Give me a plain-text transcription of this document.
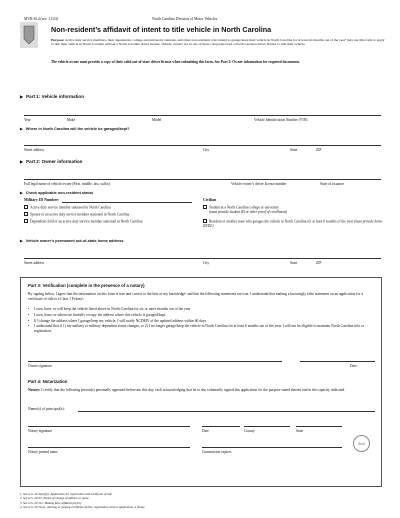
MVR-614 (rev. 11/23)	North Carolina Division of Motor Vehicles
Non-resident’s affidavit of intent to title vehicle in North Carolina
Purpose: Active duty service members, their dependents, college and university students, and other non-residents who intend to garage/keep their vehicle in North Carolina for at least six months out of the year¹ may use this form to apply to title their vehicle in North Carolina without a North Carolina driver license. Vehicle owners not in one of these categories need a North Carolina driver license to title their vehicle.
The vehicle owner must provide a copy of their valid out-of-state driver license when submitting this form. See Part 2: Owner information for required documents.
▶ Part 1: Vehicle information
Year	Make	Model	Vehicle Identification Number (VIN)
▶ Where in North Carolina will the vehicle be garaged/kept?
Street address	City	State	ZIP
▶ Part 2: Owner information
Full legal name of vehicle owner (First, middle, last, suffix)	Vehicle owner’s driver license number	State of issuance
▶ Check applicable non-resident status
Military ID Number:
Active duty service member stationed in North Carolina
Spouse of an active duty service member stationed in North Carolina
Dependent child of an active duty service member stationed in North Carolina
Civilian
Student at a North Carolina college or university
(must provide student ID or other proof of enrollment)
Resident of another state who garages the vehicle in North Carolina for at least 6 months of the year (must provide home ID/DL)
▶ Vehicle owner’s permanent out-of-state home address
Street address	City	State	ZIP
Part 3: Verification (complete in the presence of a notary)
By signing below, I agree that the information on this form is true and correct to the best of my knowledge² and that the following statements are true. I understand that making a knowingly false statement on an application for a certificate of title is a Class 1 Felony³.
• I own, have, or will keep the vehicle listed above in North Carolina for six or more months out of the year.
• I own, lease, or otherwise lawfully occupy the address where this vehicle is garaged/kept.
• If I change the address where I garage/keep my vehicle, I will notify NCDMV of the updated address within 60 days.
• I understand that if 1) my military or military dependent status changes, or 2) I no longer garage/keep the vehicle in North Carolina for at least 6 months out of the year, I will not be eligible to maintain North Carolina title or registration.
Owner signature	Date
Part 4: Notarization
Notary: I certify that the following person(s) personally appeared before me this day, each acknowledging that he or she voluntarily signed this application for the purpose stated therein and in the capacity indicated.
Name(s) of principal(s):
Notary signature	Date	County	State
Notary printed name	Commission expires
Seal
1. See G.S. 20-52(a)(6): Application for registration and certificate of title
2. See G.S. 20-67: Notice of change of address or name
3. See G.S. 20-112: Making false affidavit perjury
4. See G.S. 20-71(a): Altering or forging certificate of title, registration card or application, a felony.
